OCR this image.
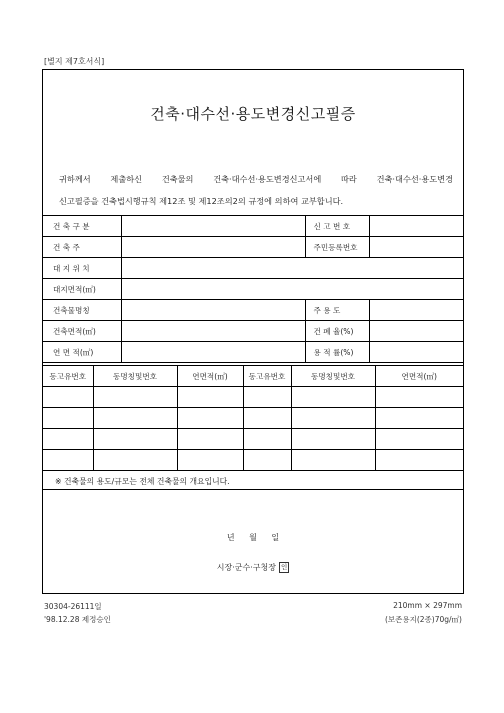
[별지 제7호서식]
건축·대수선·용도변경신고필증
귀하께서 제출하신 건축물의 건축·대수선·용도변경신고서에 따라 건축·대수선·용도변경
신고필증을 건축법시행규칙 제12조 및 제12조의2의 규정에 의하여 교부합니다.
건 축 구 분		신 고 번 호	
건 축 주		주민등록번호	
대 지 위 치			
대지면적(㎡)			
건축물명칭		주 용 도	
건축면적(㎡)		건 폐 율(%)	
연 면 적(㎡)		용 적 률(%)	
동고유번호	동명칭및번호	연면적(㎡)	동고유번호	동명칭및번호	연면적(㎡)

※ 건축물의 용도/규모는 전체 건축물의 개요입니다.
년 월 일
시장·군수·구청장 인
30304-26111일
'98.12.28 제정승인
210mm × 297mm
(보존용지(2종)70g/㎡)
